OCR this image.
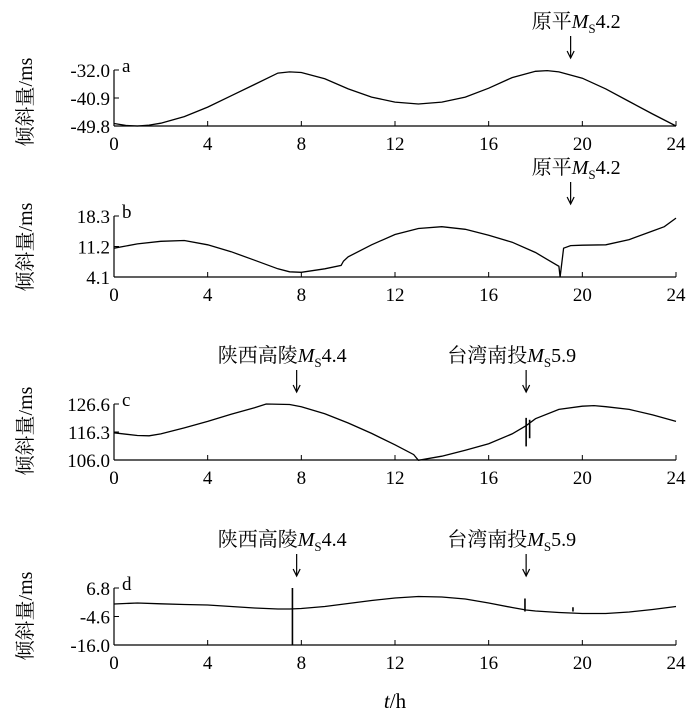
0	4	8	12	16	20	24
-32.0
-40.9
-49.8
倾斜量/ms	a
原平$M_S4.2$
0	4	8	12	16	20	24
18.3
11.2
4.1
倾斜量/ms	b
原平$M_S4.2$
0	4	8	12	16	20	24
126.6
116.3
106.0
倾斜量/ms	c
陕西高陵$M_S4.4$	台湾南投$M_S5.9$
0	4	8	12	16	20	24
6.8
-4.6
-16.0
倾斜量/ms	d
陕西高陵$M_S4.4$	台湾南投$M_S5.9$
t/h
